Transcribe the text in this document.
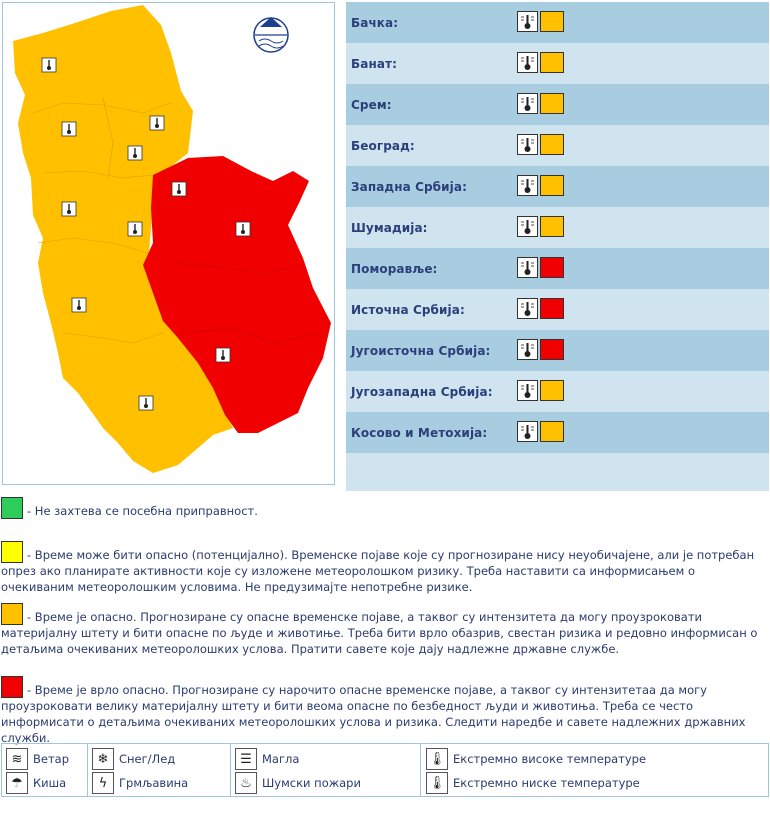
Бачка:
Банат:
Срем:
Београд:
Западна Србија:
Шумадија:
Поморавље:
Источна Србија:
Југоисточна Србија:
Југозападна Србија:
Косово и Метохија:
- Не захтева се посебна приправност.
- Време може бити опасно (потенцијално). Временске појаве које су прогнозиране нису неуобичајене, али је потребан опрез ако планирате активности које су изложене метеоролошком ризику. Треба наставити са информисањем о очекиваним метеоролошким условима. Не предузимајте непотребне ризике.
- Време је опасно. Прогнозиране су опасне временске појаве, а таквог су интензитета да могу проузроковати материјалну штету и бити опасне по људе и животиње. Треба бити врло обазрив, свестан ризика и редовно информисан о детаљима очекиваних метеоролошких услова. Пратити савете које дају надлежне државне службе.
- Време је врло опасно. Прогнозиране су нарочито опасне временске појаве, а таквог су интензитетаа да могу проузроковати велику материјалну штету и бити веома опасне по безбедност људи и животиња. Треба се често информисати о детаљима очекиваних метеоролошких услова и ризика. Следити наредбе и савете надлежних државних служби.
≋ Ветар	❄ Снег/Лед	☰ Магла	🌡 Екстремно високе температуре
☂ Киша	ϟ	Грмљавина	♨ Шумски пожари	🌡 Екстремно ниске температуре
